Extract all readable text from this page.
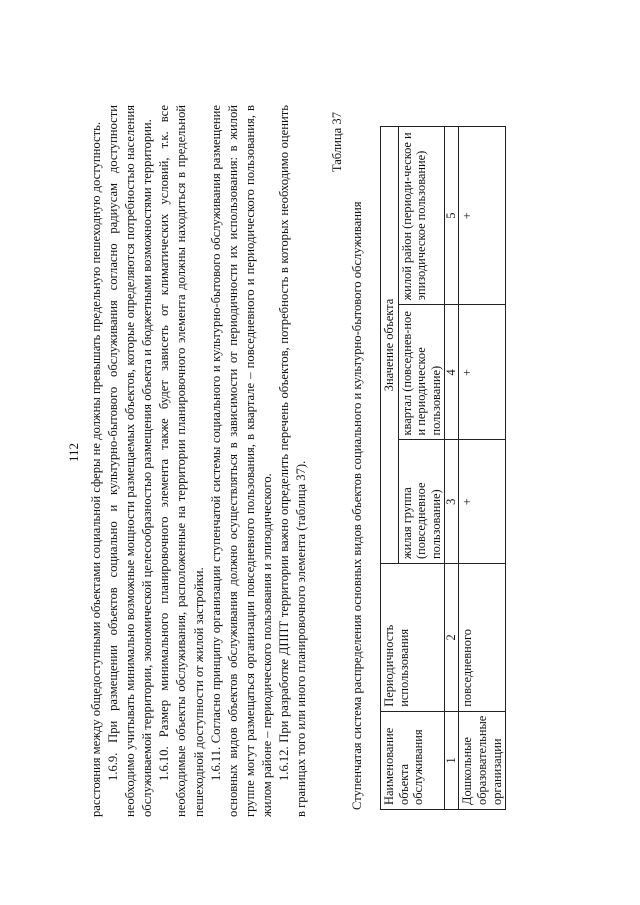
112 расстояния между общедоступными объектами социальной сферы не должны превышать предельную пешеходную доступность. 1.6.9. При размещении объектов социально и культурно-бытового обслуживания согласно радиусам доступности необходимо учитывать минимально возможные мощности размещаемых объектов, которые определяются потребностью населения обслуживаемой территории, экономической целесообразностью размещения объекта и бюджетными возможностями территории. 1.6.10. Размер минимального планировочного элемента также будет зависеть от климатических условий, т.к. все необходимые объекты обслуживания, расположенные на территории планировочного элемента должны находиться в предельной пешеходной доступности от жилой застройки. 1.6.11. Согласно принципу организации ступенчатой системы социального и культурно-бытового обслуживания размещение основных видов объектов обслуживания должно осуществляться в зависимости от периодичности их использования: в жилой группе могут размещаться организации повседневного пользования, в квартале – повседневного и периодического пользования, в жилом районе – периодического пользования и эпизодического. 1.6.12. При разработке ДППТ территории важно определить перечень объектов, потребность в которых необходимо оценить в границах того или иного планировочного элемента (таблица 37).

Таблица 37
Ступенчатая система распределения основных видов объектов социального и культурно-бытового обслуживания Наименование объекта обслуживания	Периодичность использования	Значение объекта		
		жилая группа (повседневное пользование)	квартал (повседнев-ное и периодическое пользование)	жилой район (периоди-ческое и эпизодическое пользование)
1	2	3	4	5
Дошкольные образовательные организации	повседневного	+	+	+
